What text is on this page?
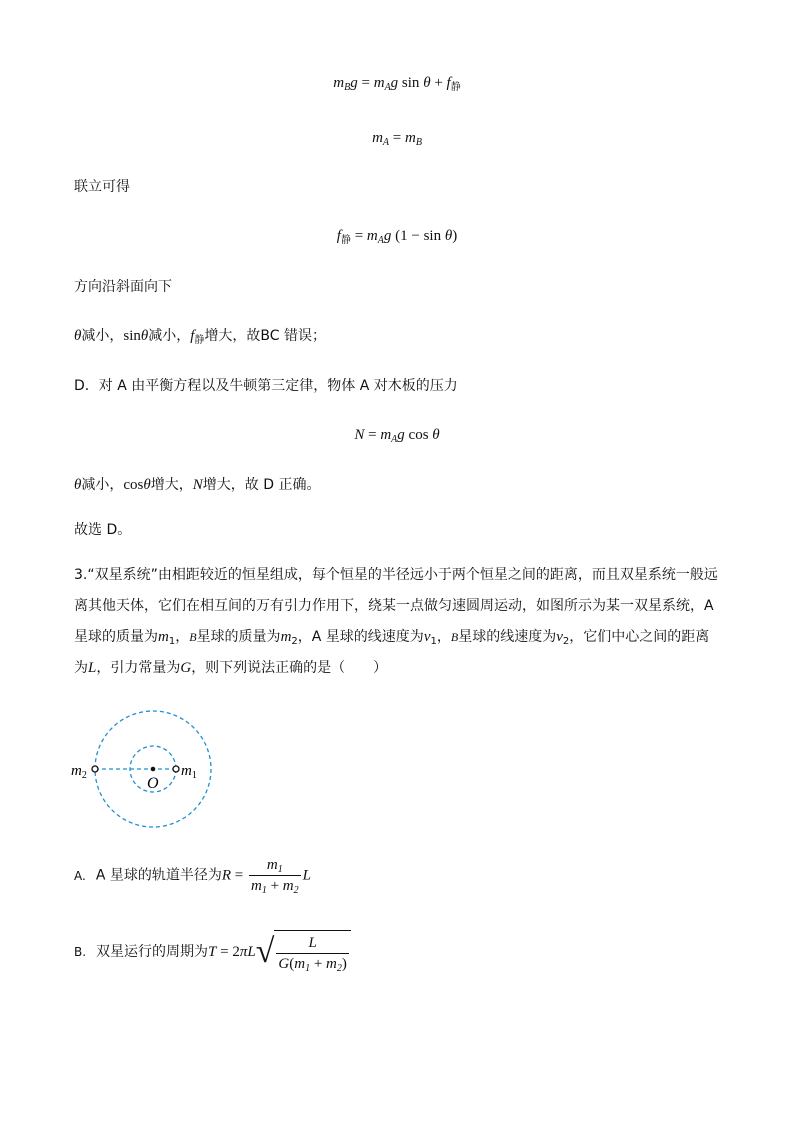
$m_Bg = m_Ag$ $\sin \theta + f_静$
$m_A = m_B$
联立可得
$f_静 = m_Ag$ (1 − sin θ)
方向沿斜面向下
θ减小，sinθ减小，$f_静$增大，故BC 错误；
D．对 A 由平衡方程以及牛顿第三定律，物体 A 对木板的压力
$N = m_Ag$ cos θ
θ减小，cosθ增大，N增大，故 D 正确。
故选 D。
3.“双星系统”由相距较近的恒星组成，每个恒星的半径远小于两个恒星之间的距离，而且双星系统一般远离其他天体，它们在相互间的万有引力作用下，绕某一点做匀速圆周运动，如图所示为某一双星系统，A 星球的质量为$m_1$，B星球的质量为$m_2$，A 星球的线速度为$v_1$，B星球的线速度为$v_2$，它们中心之间的距离为L，引力常量为G，则下列说法正确的是（　　）
$m_2$	O
$m_1$
A. A 星球的轨道半径为$R = \frac{m_1}{m_1 + m_2}$ L
B. 双星运行的周期为$T = 2\pi L√ \frac{L}{G(m_1 + m_2)}$
